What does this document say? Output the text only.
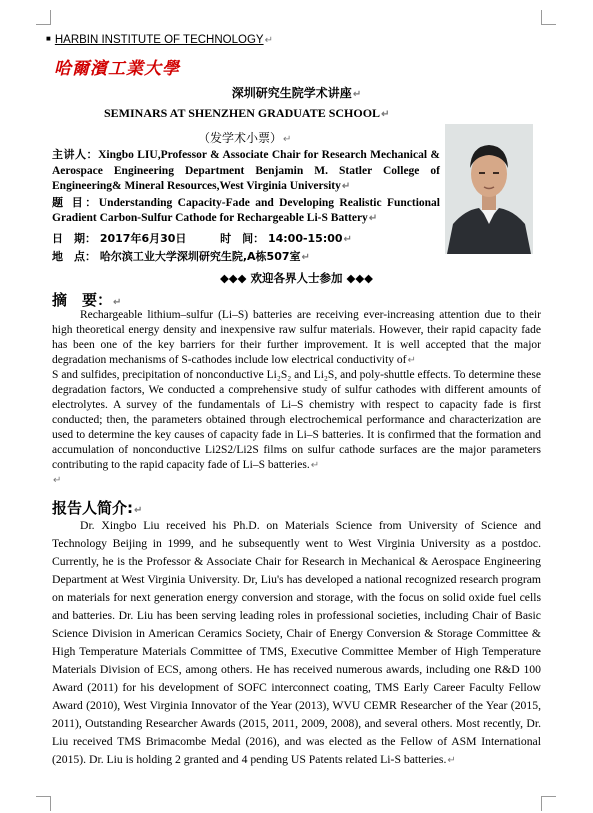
■ HARBIN INSTITUTE OF TECHNOLOGY↵
哈爾濱工業大學
深圳研究生院学术讲座↵
SEMINARS AT SHENZHEN GRADUATE SCHOOL↵
（发学术小票）↵
主讲人：Xingbo LIU,Professor & Associate Chair for Research Mechanical & Aerospace Engineering Department Benjamin M. Statler College of Engineering& Mineral Resources,West Virginia University↵
题 目：Understanding Capacity-Fade and Developing Realistic Functional Gradient Carbon-Sulfur Cathode for Rechargeable Li-S Battery↵
日　期： 2017年6月30日	时　间： 14:00-15:00↵
地　点： 哈尔滨工业大学深圳研究生院,A栋507室↵
◆◆◆ 欢迎各界人士参加 ◆◆◆
摘　要：↵
Rechargeable lithium–sulfur (Li–S) batteries are receiving ever-increasing attention due to their high theoretical energy density and inexpensive raw sulfur materials. However, their rapid capacity fade has been one of the key barriers for their further improvement. It is well accepted that the major degradation mechanisms of S-cathodes include low electrical conductivity of↵
S and sulfides, precipitation of nonconductive Li₂S₂ and Li₂S, and poly-shuttle effects. To determine these degradation factors, We conducted a comprehensive study of sulfur cathodes with different amounts of electrolytes. A survey of the fundamentals of Li–S chemistry with respect to capacity fade is first conducted; then, the parameters obtained through electrochemical performance and characterization are used to determine the key causes of capacity fade in Li–S batteries. It is confirmed that the formation and accumulation of nonconductive Li2S2/Li2S films on sulfur cathode surfaces are the major parameters contributing to the rapid capacity fade of Li–S batteries.↵
↵
报告人简介:↵
Dr. Xingbo Liu received his Ph.D. on Materials Science from University of Science and Technology Beijing in 1999, and he subsequently went to West Virginia University as a postdoc. Currently, he is the Professor & Associate Chair for Research in Mechanical & Aerospace Engineering Department at West Virginia University. Dr, Liu's has developed a national recognized research program on materials for next generation energy conversion and storage, with the focus on solid oxide fuel cells and batteries. Dr. Liu has been serving leading roles in professional societies, including Chair of Basic Science Division in American Ceramics Society, Chair of Energy Conversion & Storage Committee & High Temperature Materials Committee of TMS, Executive Committee Member of High Temperature Materials Division of ECS, among others. He has received numerous awards, including one R&D 100 Award (2011) for his development of SOFC interconnect coating, TMS Early Career Faculty Fellow Award (2010), West Virginia Innovator of the Year (2013), WVU CEMR Researcher of the Year (2015, 2011), Outstanding Researcher Awards (2015, 2011, 2009, 2008), and several others. Most recently, Dr. Liu received TMS Brimacombe Medal (2016), and was elected as the Fellow of ASM International (2015). Dr. Liu is holding 2 granted and 4 pending US Patents related Li-S batteries.↵
